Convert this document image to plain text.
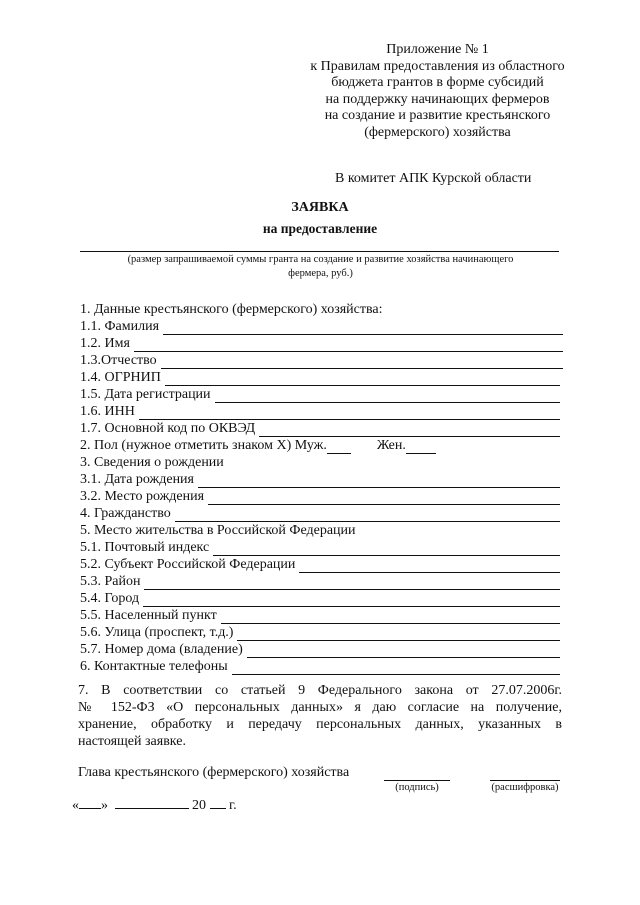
Приложение № 1
к Правилам предоставления из областного
бюджета грантов в форме субсидий
на поддержку начинающих фермеров
на создание и развитие крестьянского
(фермерского) хозяйства
В комитет АПК Курской области
ЗАЯВКА
на предоставление
(размер запрашиваемой суммы гранта на создание и развитие хозяйства начинающего
фермера, руб.)
1. Данные крестьянского (фермерского) хозяйства:
1.1. Фамилия
1.2. Имя
1.3.Отчество
1.4. ОГРНИП
1.5. Дата регистрации
1.6. ИНН
1.7. Основной код по ОКВЭД
2. Пол (нужное отметить знаком Х) Муж.	Жен.
3. Сведения о рождении
3.1. Дата рождения
3.2. Место рождения
4. Гражданство
5. Место жительства в Российской Федерации
5.1. Почтовый индекс
5.2. Субъект Российской Федерации
5.3. Район
5.4. Город
5.5. Населенный пункт
5.6. Улица (проспект, т.д.)
5.7. Номер дома (владение)
6. Контактные телефоны
7. В соответствии со статьей 9 Федерального закона от 27.07.2006г.
№ 152-ФЗ «О персональных данных» я даю согласие на получение,
хранение, обработку и передачу персональных данных, указанных в
настоящей заявке.
Глава крестьянского (фермерского) хозяйства
(подпись)	(расшифровка)
« »	20 г.
